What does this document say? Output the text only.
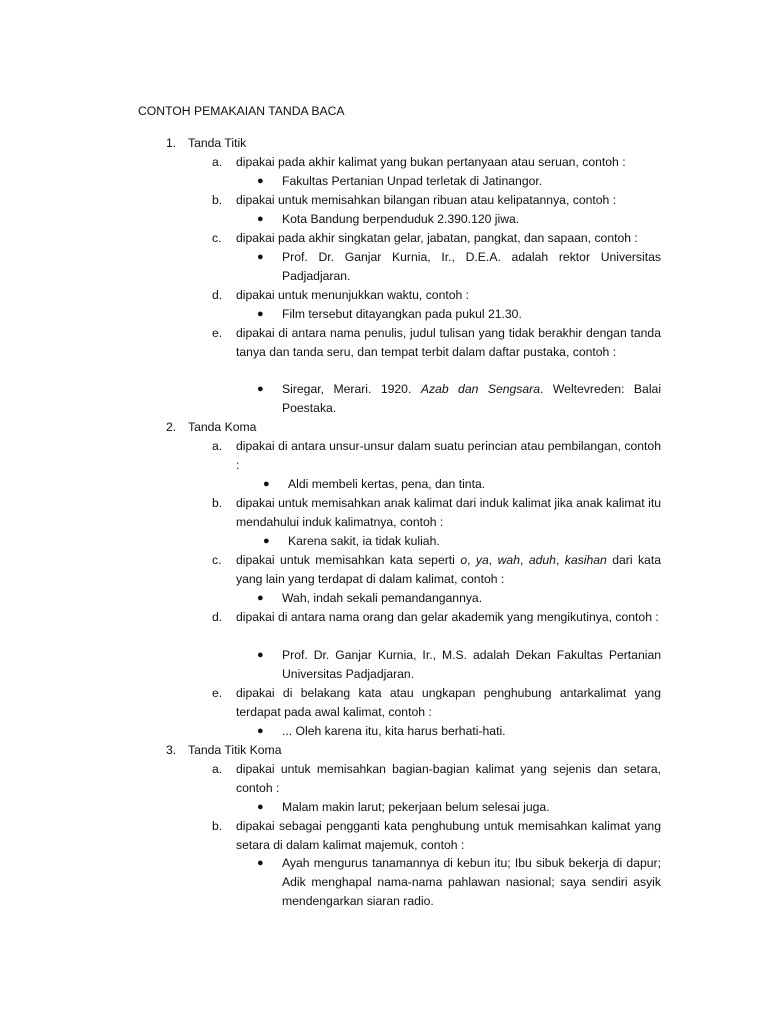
CONTOH PEMAKAIAN TANDA BACA
1. Tanda Titik
a. dipakai pada akhir kalimat yang bukan pertanyaan atau seruan, contoh :
● Fakultas Pertanian Unpad terletak di Jatinangor.
b. dipakai untuk memisahkan bilangan ribuan atau kelipatannya, contoh :
● Kota Bandung berpenduduk 2.390.120 jiwa.
c. dipakai pada akhir singkatan gelar, jabatan, pangkat, dan sapaan, contoh :
● Prof. Dr. Ganjar Kurnia, Ir., D.E.A. adalah rektor Universitas Padjadjaran.
d. dipakai untuk menunjukkan waktu, contoh :
● Film tersebut ditayangkan pada pukul 21.30.
e. dipakai di antara nama penulis, judul tulisan yang tidak berakhir dengan tanda tanya dan tanda seru, dan tempat terbit dalam daftar pustaka, contoh :
● Siregar, Merari. 1920. Azab dan Sengsara. Weltevreden: Balai Poestaka.
2. Tanda Koma
a. dipakai di antara unsur-unsur dalam suatu perincian atau pembilangan, contoh :
● Aldi membeli kertas, pena, dan tinta.
b. dipakai untuk memisahkan anak kalimat dari induk kalimat jika anak kalimat itu mendahului induk kalimatnya, contoh :
● Karena sakit, ia tidak kuliah.
c. dipakai untuk memisahkan kata seperti o, ya, wah, aduh, kasihan dari kata yang lain yang terdapat di dalam kalimat, contoh :
● Wah, indah sekali pemandangannya.
d. dipakai di antara nama orang dan gelar akademik yang mengikutinya, contoh :
● Prof. Dr. Ganjar Kurnia, Ir., M.S. adalah Dekan Fakultas Pertanian Universitas Padjadjaran.
e. dipakai di belakang kata atau ungkapan penghubung antarkalimat yang terdapat pada awal kalimat, contoh :
● ... Oleh karena itu, kita harus berhati-hati.
3. Tanda Titik Koma
a. dipakai untuk memisahkan bagian-bagian kalimat yang sejenis dan setara, contoh :
● Malam makin larut; pekerjaan belum selesai juga.
b. dipakai sebagai pengganti kata penghubung untuk memisahkan kalimat yang setara di dalam kalimat majemuk, contoh :
● Ayah mengurus tanamannya di kebun itu; Ibu sibuk bekerja di dapur; Adik menghapal nama-nama pahlawan nasional; saya sendiri asyik mendengarkan siaran radio.
